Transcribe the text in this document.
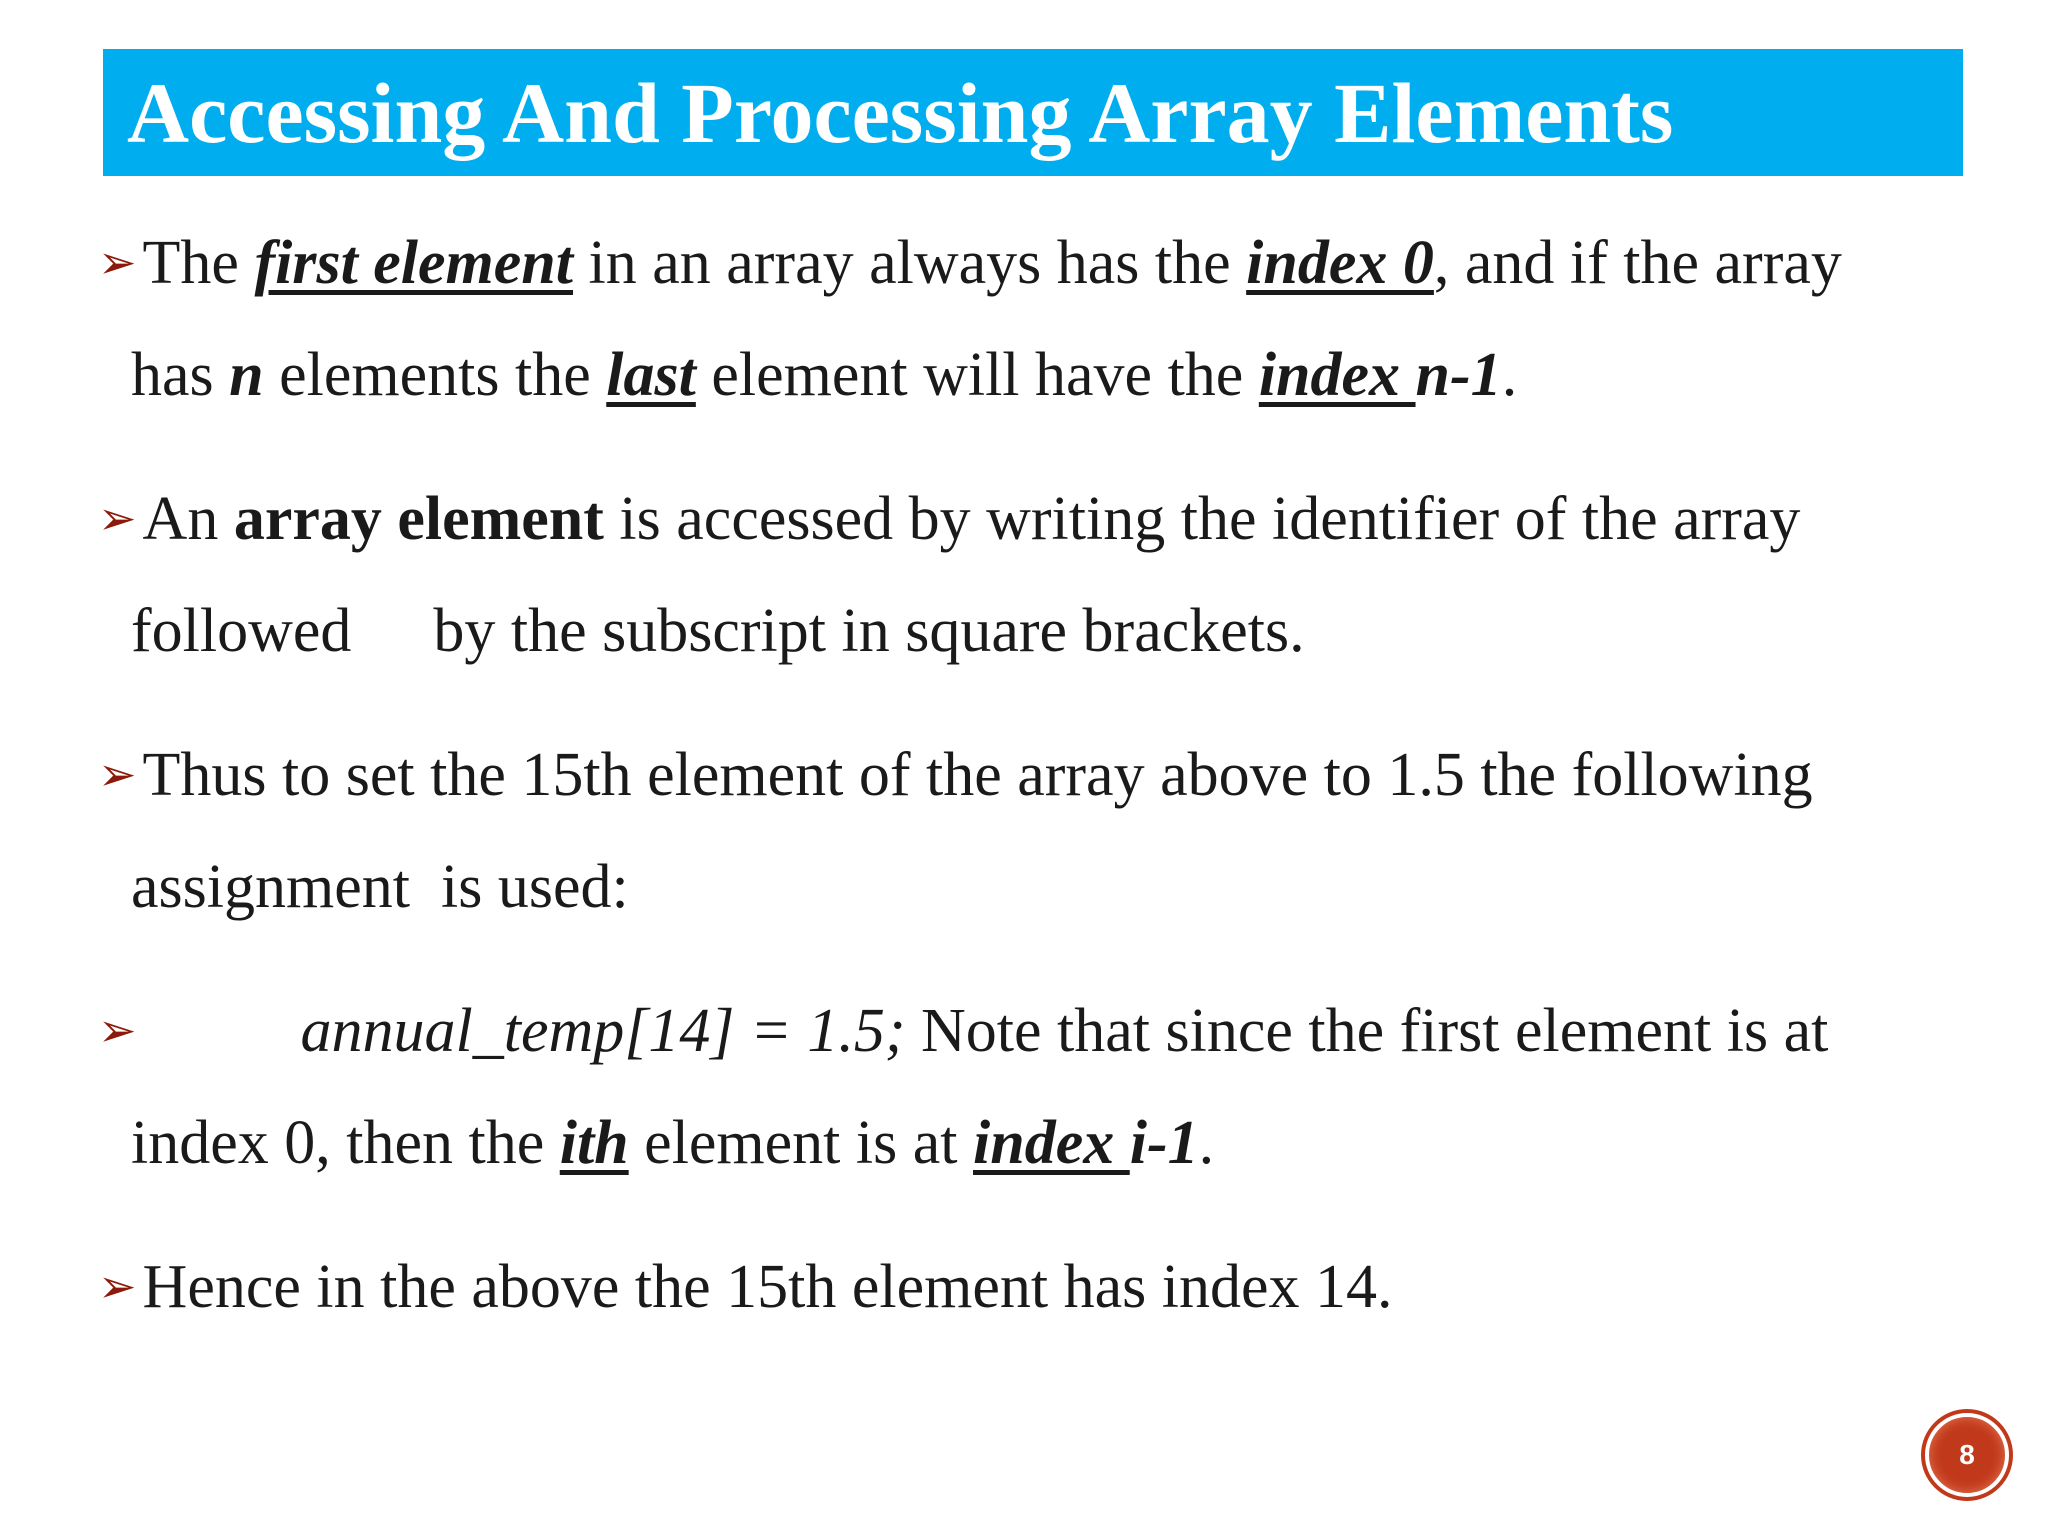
Accessing And Processing Array Elements
➢The first element in an array always has the index 0, and if the array
has n elements the last element will have the index n-1.
➢An array element is accessed by writing the identifier of the array
followed by the subscript in square brackets.
➢Thus to set the 15th element of the array above to 1.5 the following
assignment  is used:
➢	annual_temp[14] = 1.5; Note that since the first element is at
index 0, then the ith element is at index i-1.
➢Hence in the above the 15th element has index 14.
8
